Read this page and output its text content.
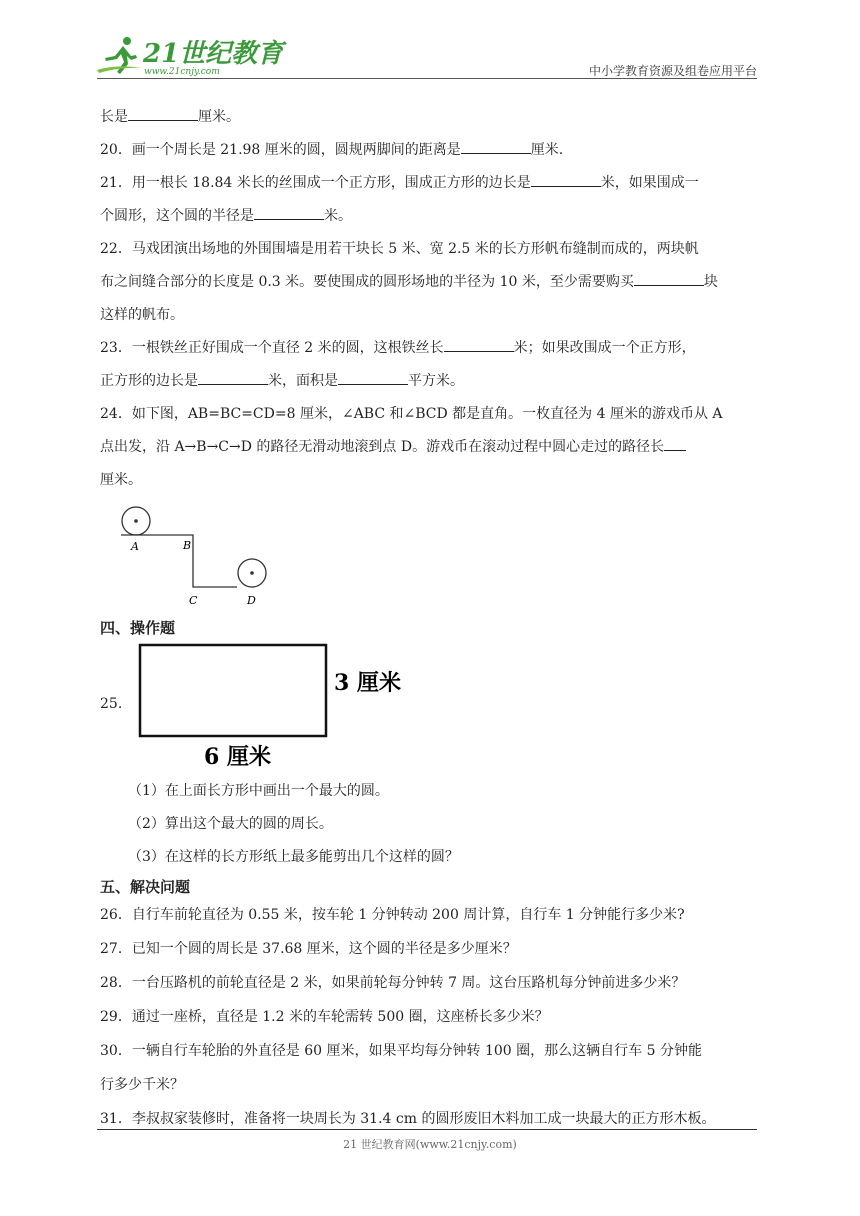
21世纪教育
www.21cnjy.com	中小学教育资源及组卷应用平台
长是	厘米。
20．画一个周长是 21.98 厘米的圆，圆规两脚间的距离是	厘米.
21．用一根长 18.84 米长的丝围成一个正方形，围成正方形的边长是	米，如果围成一
个圆形，这个圆的半径是	米。
22．马戏团演出场地的外围围墙是用若干块长 5 米、宽 2.5 米的长方形帆布缝制而成的，两块帆
布之间缝合部分的长度是 0.3 米。要使围成的圆形场地的半径为 10 米，至少需要购买	块
这样的帆布。
23．一根铁丝正好围成一个直径 2 米的圆，这根铁丝长	米；如果改围成一个正方形，
正方形的边长是	米，面积是	平方米。
24．如下图，AB=BC=CD=8 厘米，∠ABC 和∠BCD 都是直角。一枚直径为 4 厘米的游戏币从 A
点出发，沿 A→B→C→D 的路径无滑动地滚到点 D。游戏币在滚动过程中圆心走过的路径长
厘米。
A	B
C	D
四、操作题
25.
3 厘米
6 厘米
（1）在上面长方形中画出一个最大的圆。
（2）算出这个最大的圆的周长。
（3）在这样的长方形纸上最多能剪出几个这样的圆？
五、解决问题
26．自行车前轮直径为 0.55 米，按车轮 1 分钟转动 200 周计算，自行车 1 分钟能行多少米?
27．已知一个圆的周长是 37.68 厘米，这个圆的半径是多少厘米？
28．一台压路机的前轮直径是 2 米，如果前轮每分钟转 7 周。这台压路机每分钟前进多少米？
29．通过一座桥，直径是 1.2 米的车轮需转 500 圈，这座桥长多少米？
30．一辆自行车轮胎的外直径是 60 厘米，如果平均每分钟转 100 圈，那么这辆自行车 5 分钟能
行多少千米？
31．李叔叔家装修时，准备将一块周长为 31.4 cm 的圆形废旧木料加工成一块最大的正方形木板。
21 世纪教育网(www.21cnjy.com)
